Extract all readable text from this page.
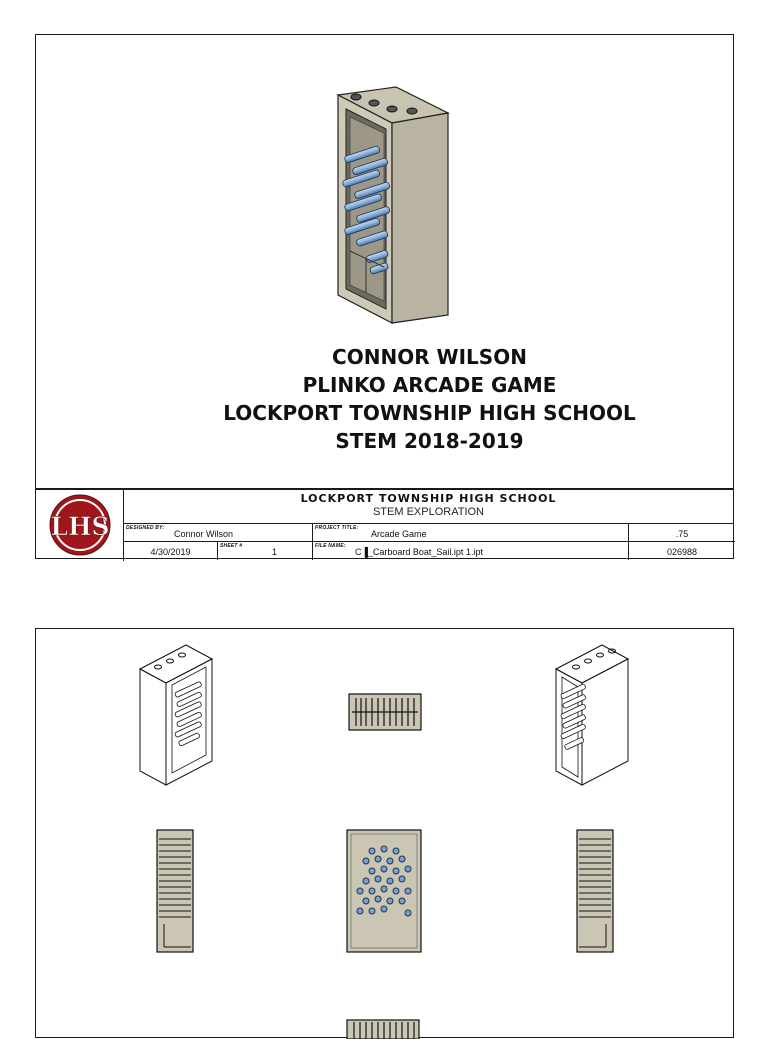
CONNOR WILSON
PLINKO ARCADE GAME
LOCKPORT TOWNSHIP HIGH SCHOOL
STEM 2018-2019
LHS
LOCKPORT TOWNSHIP HIGH SCHOOL
STEM EXPLORATION
DESIGNED BY:
Connor Wilson
PROJECT TITLE:
Arcade Game	.75
4/30/2019
SHEET #
1
FILE NAME:
C▐_Carboard Boat_Sail.ipt 1.ipt	026988
